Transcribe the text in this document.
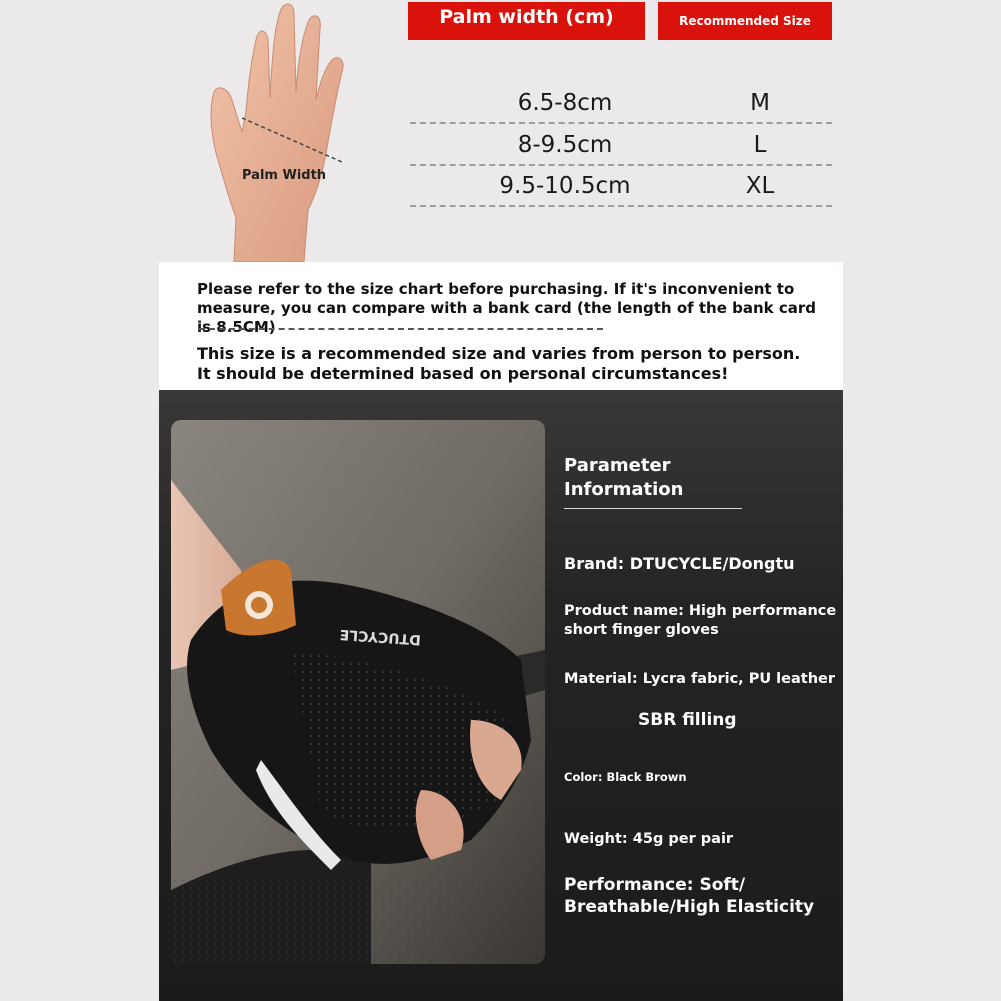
Palm Width
Palm width (cm)	Recommended Size
6.5-8cm	M
8-9.5cm	L
9.5-10.5cm	XL

Please refer to the size chart before purchasing. If it's inconvenient to measure, you can compare with a bank card (the length of the bank card is 8.5CM)

This size is a recommended size and varies from person to person. It should be determined based on personal circumstances!

DTUCYCLE
Parameter
Information
Brand: DTUCYCLE/Dongtu
Product name: High performance
short finger gloves
Material: Lycra fabric, PU leather
SBR filling
Color: Black Brown
Weight: 45g per pair
Performance: Soft/
Breathable/High Elasticity
